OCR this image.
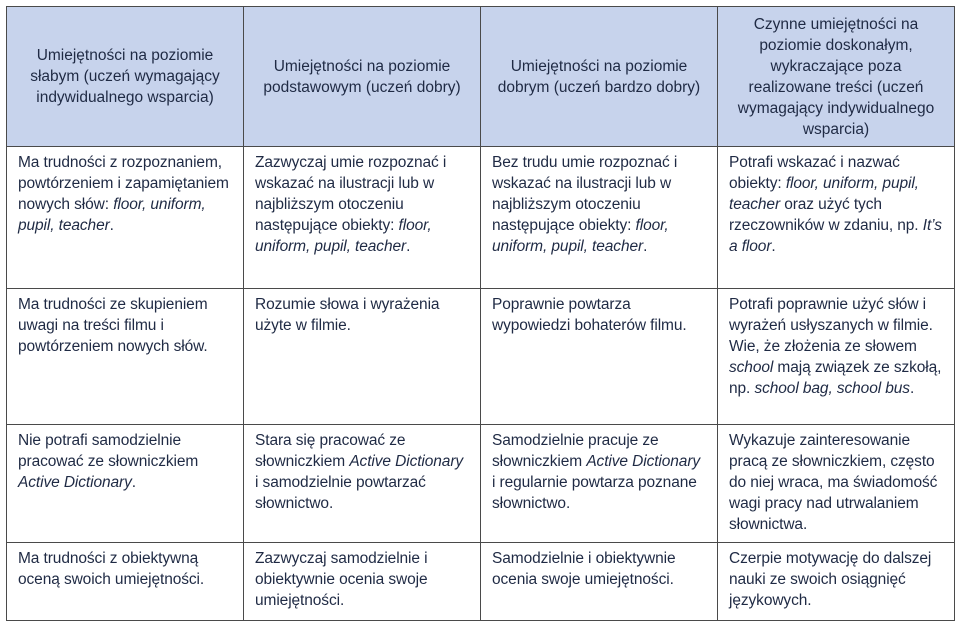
Umiejętności na poziomie słabym (uczeń wymagający indywidualnego wsparcia)	Umiejętności na poziomie podstawowym (uczeń dobry)	Umiejętności na poziomie dobrym (uczeń bardzo dobry)	Czynne umiejętności na poziomie doskonałym, wykraczające poza realizowane treści (uczeń wymagający indywidualnego wsparcia)
Ma trudności z rozpoznaniem, powtórzeniem i zapamiętaniem nowych słów: floor, uniform, pupil, teacher.	Zazwyczaj umie rozpoznać i wskazać na ilustracji lub w najbliższym otoczeniu następujące obiekty: floor, uniform, pupil, teacher.	Bez trudu umie rozpoznać i wskazać na ilustracji lub w najbliższym otoczeniu następujące obiekty: floor, uniform, pupil, teacher.	Potrafi wskazać i nazwać obiekty: floor, uniform, pupil, teacher oraz użyć tych rzeczowników w zdaniu, np. It’s a floor.
Ma trudności ze skupieniem uwagi na treści filmu i powtórzeniem nowych słów.	Rozumie słowa i wyrażenia użyte w filmie.	Poprawnie powtarza wypowiedzi bohaterów filmu.	Potrafi poprawnie użyć słów i wyrażeń usłyszanych w filmie. Wie, że złożenia ze słowem school mają związek ze szkołą, np. school bag, school bus.
Nie potrafi samodzielnie pracować ze słowniczkiem Active Dictionary.	Stara się pracować ze słowniczkiem Active Dictionary i samodzielnie powtarzać słownictwo.	Samodzielnie pracuje ze słowniczkiem Active Dictionary i regularnie powtarza poznane słownictwo.	Wykazuje zainteresowanie pracą ze słowniczkiem, często do niej wraca, ma świadomość wagi pracy nad utrwalaniem słownictwa.
Ma trudności z obiektywną oceną swoich umiejętności.	Zazwyczaj samodzielnie i obiektywnie ocenia swoje umiejętności.	Samodzielnie i obiektywnie ocenia swoje umiejętności.	Czerpie motywację do dalszej nauki ze swoich osiągnięć językowych.
